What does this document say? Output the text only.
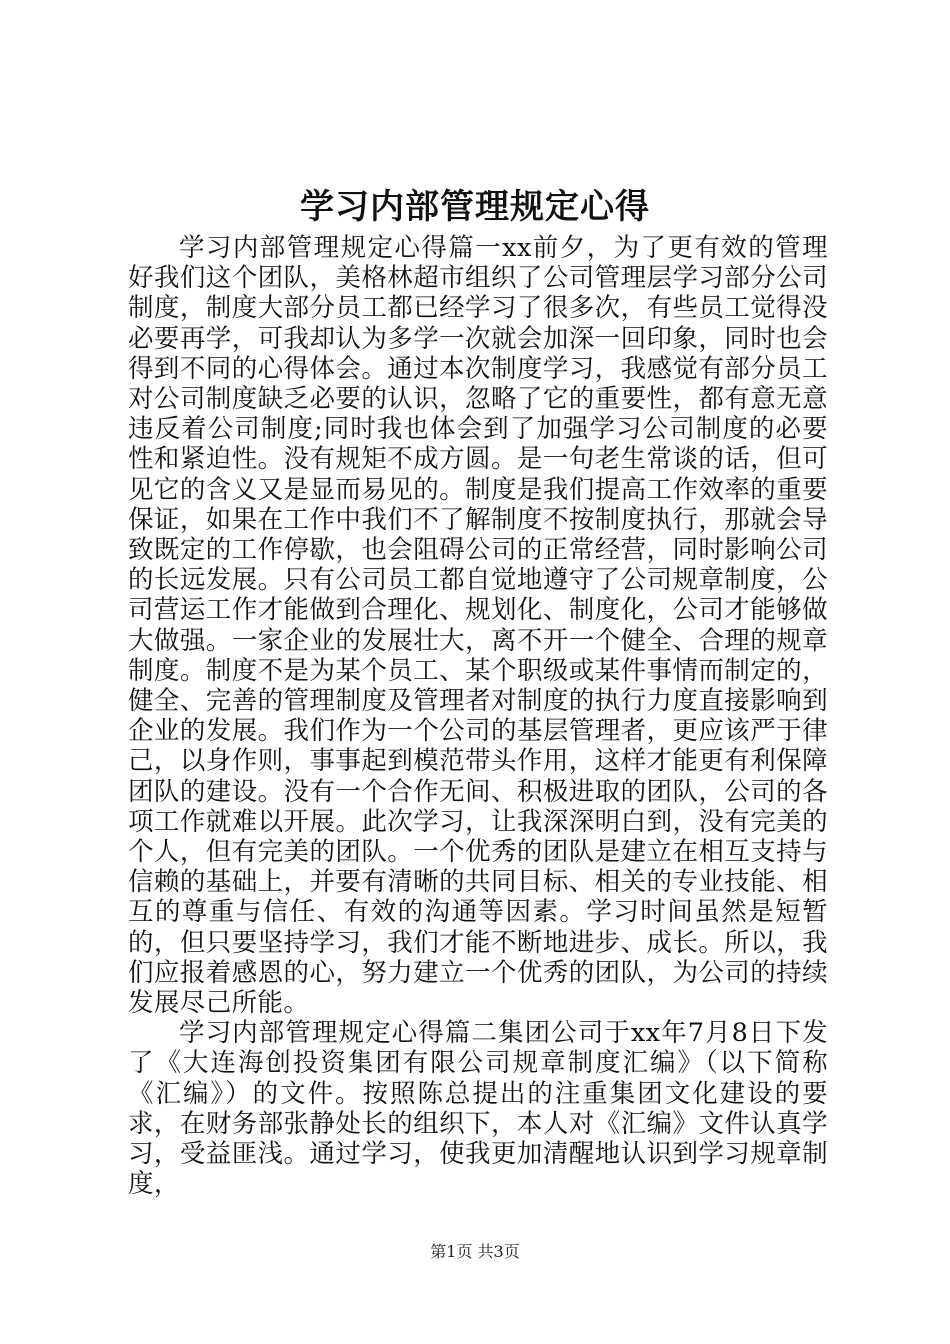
学习内部管理规定心得

学习内部管理规定心得篇一xx前夕，为了更有效的管理好我们这个团队，美格林超市组织了公司管理层学习部分公司制度，制度大部分员工都已经学习了很多次，有些员工觉得没必要再学，可我却认为多学一次就会加深一回印象，同时也会得到不同的心得体会。通过本次制度学习，我感觉有部分员工对公司制度缺乏必要的认识，忽略了它的重要性，都有意无意违反着公司制度;同时我也体会到了加强学习公司制度的必要性和紧迫性。没有规矩不成方圆。是一句老生常谈的话，但可见它的含义又是显而易见的。制度是我们提高工作效率的重要保证，如果在工作中我们不了解制度不按制度执行，那就会导致既定的工作停歇，也会阻碍公司的正常经营，同时影响公司的长远发展。只有公司员工都自觉地遵守了公司规章制度，公司营运工作才能做到合理化、规划化、制度化，公司才能够做大做强。一家企业的发展壮大，离不开一个健全、合理的规章制度。制度不是为某个员工、某个职级或某件事情而制定的，健全、完善的管理制度及管理者对制度的执行力度直接影响到企业的发展。我们作为一个公司的基层管理者，更应该严于律己，以身作则，事事起到模范带头作用，这样才能更有利保障团队的建设。没有一个合作无间、积极进取的团队，公司的各项工作就难以开展。此次学习，让我深深明白到，没有完美的个人，但有完美的团队。一个优秀的团队是建立在相互支持与信赖的基础上，并要有清晰的共同目标、相关的专业技能、相互的尊重与信任、有效的沟通等因素。学习时间虽然是短暂的，但只要坚持学习，我们才能不断地进步、成长。所以，我们应报着感恩的心，努力建立一个优秀的团队，为公司的持续发展尽己所能。

学习内部管理规定心得篇二集团公司于xx年7月8日下发了《大连海创投资集团有限公司规章制度汇编》（以下简称《汇编》）的文件。按照陈总提出的注重集团文化建设的要求，在财务部张静处长的组织下，本人对《汇编》文件认真学习，受益匪浅。通过学习，使我更加清醒地认识到学习规章制度，

第1页 共3页
